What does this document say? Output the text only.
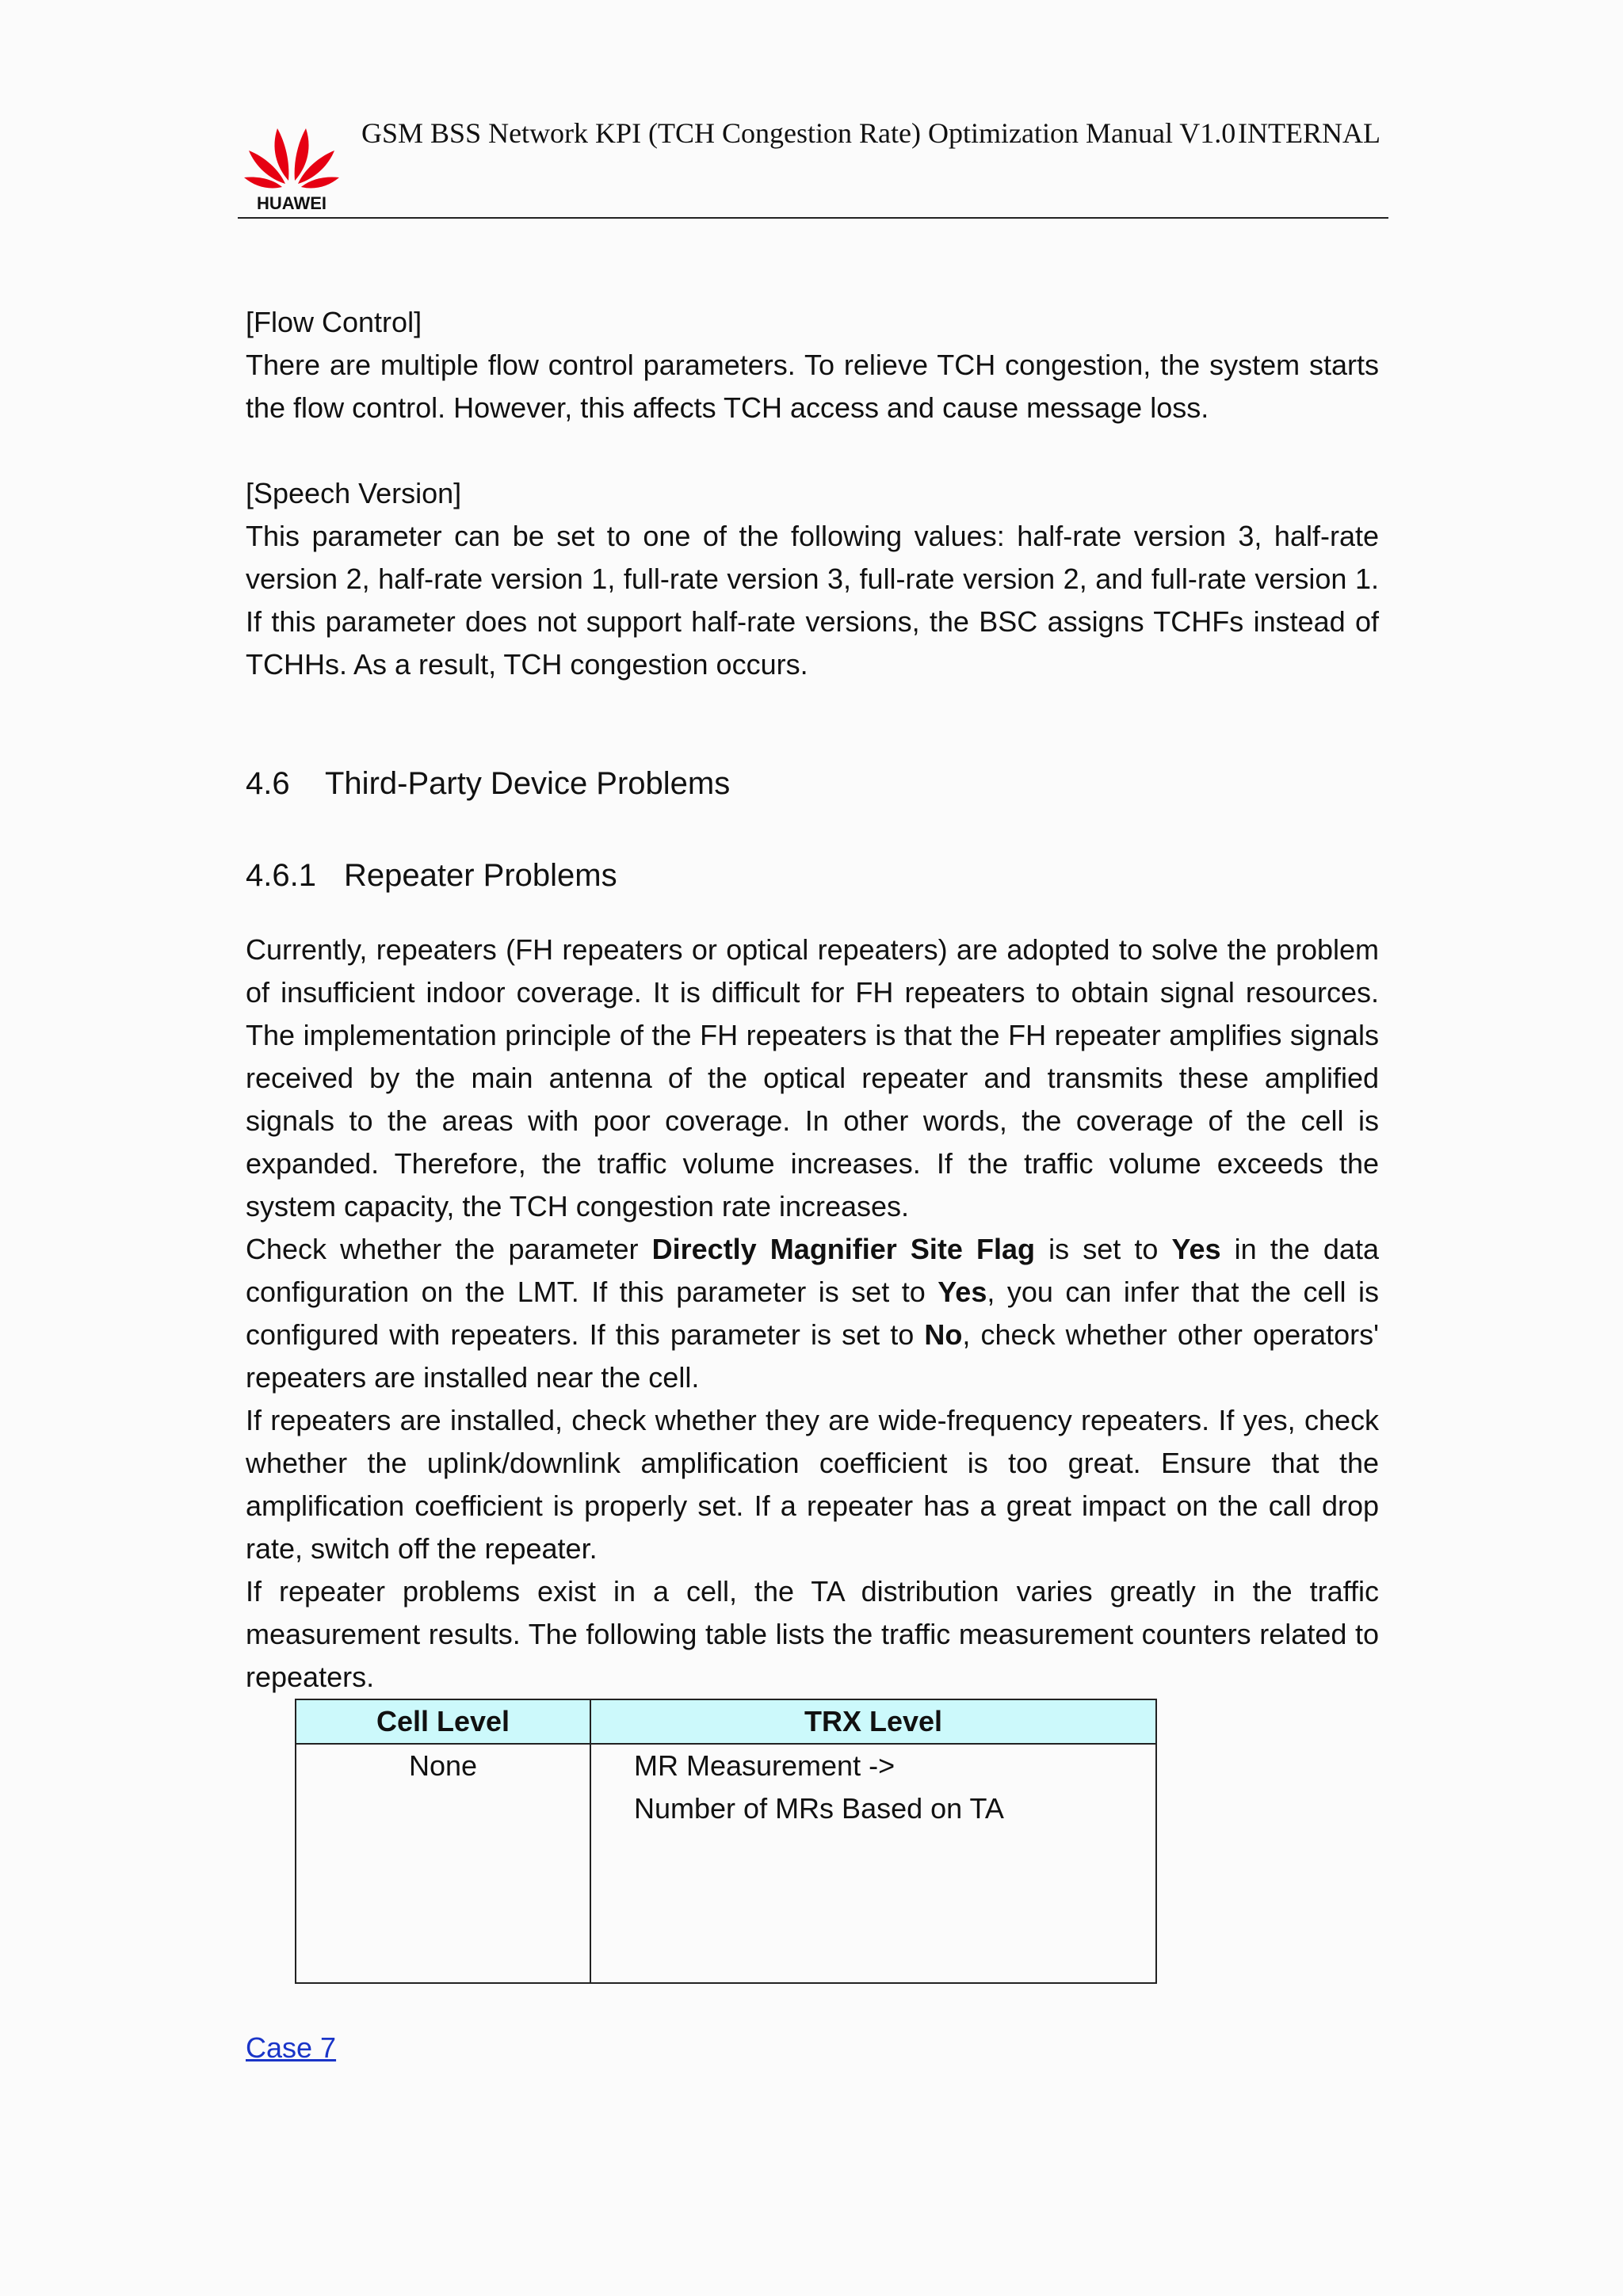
HUAWEI
GSM BSS Network KPI (TCH Congestion Rate) Optimization Manual V1.0 INTERNAL

[Flow Control]

There are multiple flow control parameters. To relieve TCH congestion, the system starts the flow control. However, this affects TCH access and cause message loss.

[Speech Version]

This parameter can be set to one of the following values: half-rate version 3, half-rate version 2, half-rate version 1, full-rate version 3, full-rate version 2, and full-rate version 1. If this parameter does not support half-rate versions, the BSC assigns TCHFs instead of TCHHs. As a result, TCH congestion occurs.

4.6 Third-Party Device Problems
4.6.1 Repeater Problems

Currently, repeaters (FH repeaters or optical repeaters) are adopted to solve the problem of insufficient indoor coverage. It is difficult for FH repeaters to obtain signal resources. The implementation principle of the FH repeaters is that the FH repeater amplifies signals received by the main antenna of the optical repeater and transmits these amplified signals to the areas with poor coverage. In other words, the coverage of the cell is expanded. Therefore, the traffic volume increases. If the traffic volume exceeds the system capacity, the TCH congestion rate increases.

Check whether the parameter Directly Magnifier Site Flag is set to Yes in the data configuration on the LMT. If this parameter is set to Yes, you can infer that the cell is configured with repeaters. If this parameter is set to No, check whether other operators' repeaters are installed near the cell.

If repeaters are installed, check whether they are wide-frequency repeaters. If yes, check whether the uplink/downlink amplification coefficient is too great. Ensure that the amplification coefficient is properly set. If a repeater has a great impact on the call drop rate, switch off the repeater.

If repeater problems exist in a cell, the TA distribution varies greatly in the traffic measurement results. The following table lists the traffic measurement counters related to repeaters.

Cell Level	TRX Level
None	MR Measurement ->
Number of MRs Based on TA
Case 7
